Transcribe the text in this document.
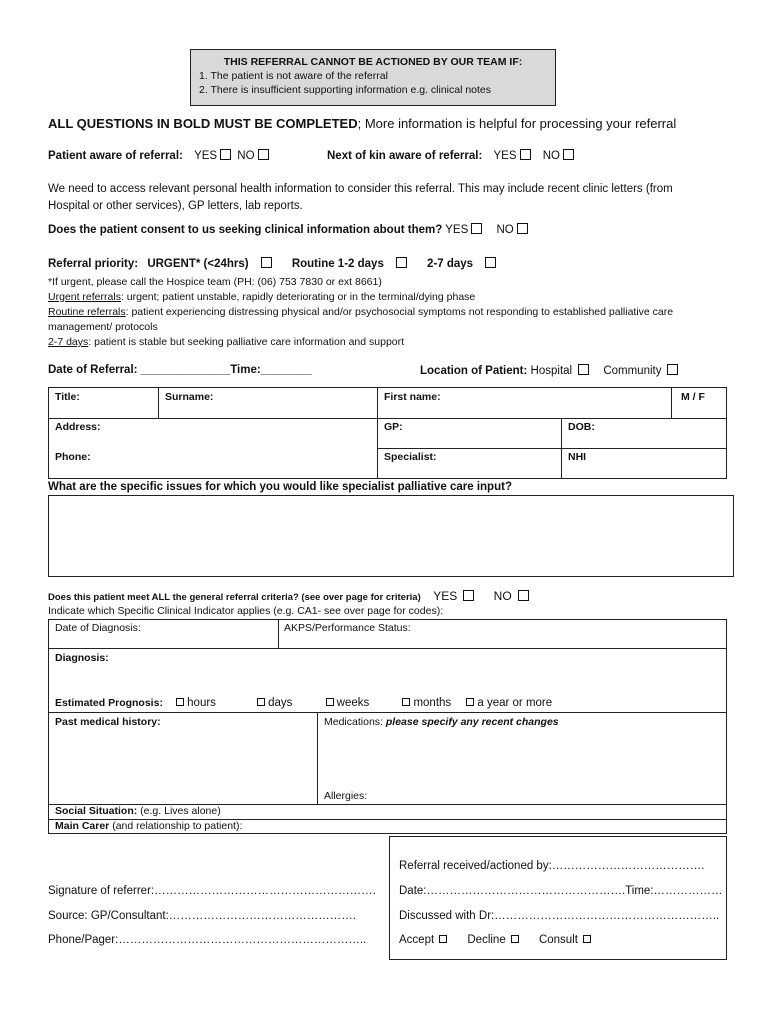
THIS REFERRAL CANNOT BE ACTIONED BY OUR TEAM IF:
1. The patient is not aware of the referral
2. There is insufficient supporting information e.g. clinical notes
ALL QUESTIONS IN BOLD MUST BE COMPLETED; More information is helpful for processing your referral
Patient aware of referral: YES NO	Next of kin aware of referral: YES NO
We need to access relevant personal health information to consider this referral. This may include recent clinic letters (from Hospital or other services), GP letters, lab reports.
Does the patient consent to us seeking clinical information about them? YES NO
Referral priority: URGENT* (<24hrs)	Routine 1-2 days	2-7 days
*If urgent, please call the Hospice team (PH: (06) 753 7830 or ext 8661)
Urgent referrals: urgent; patient unstable, rapidly deteriorating or in the terminal/dying phase
Routine referrals: patient experiencing distressing physical and/or psychosocial symptoms not responding to established palliative care management/ protocols
2-7 days: patient is stable but seeking palliative care information and support
Date of Referral: ______________Time:________	Location of Patient: Hospital	Community
Title:	Surname:	First name:	M / F
Address:	GP:	DOB:
Phone:	Specialist:	NHI
What are the specific issues for which you would like specialist palliative care input?
Does this patient meet ALL the general referral criteria? (see over page for criteria) YES	NO
Indicate which Specific Clinical Indicator applies (e.g. CA1- see over page for codes):
Date of Diagnosis:	AKPS/Performance Status:
Diagnosis:
Estimated Prognosis: hours	days	weeks	months a year or more
Past medical history:	Medications: please specify any recent changes
Allergies:
Social Situation: (e.g. Lives alone)
Main Carer (and relationship to patient):
Signature of referrer:………………………………………………….
Source: GP/Consultant:………………………………………….
Phone/Pager:………………………………………………………..
Referral received/actioned by:………………………………….
Date:…………………………………………….Time:………………
Discussed with Dr:…………………………………………………..
Accept	Decline	Consult
